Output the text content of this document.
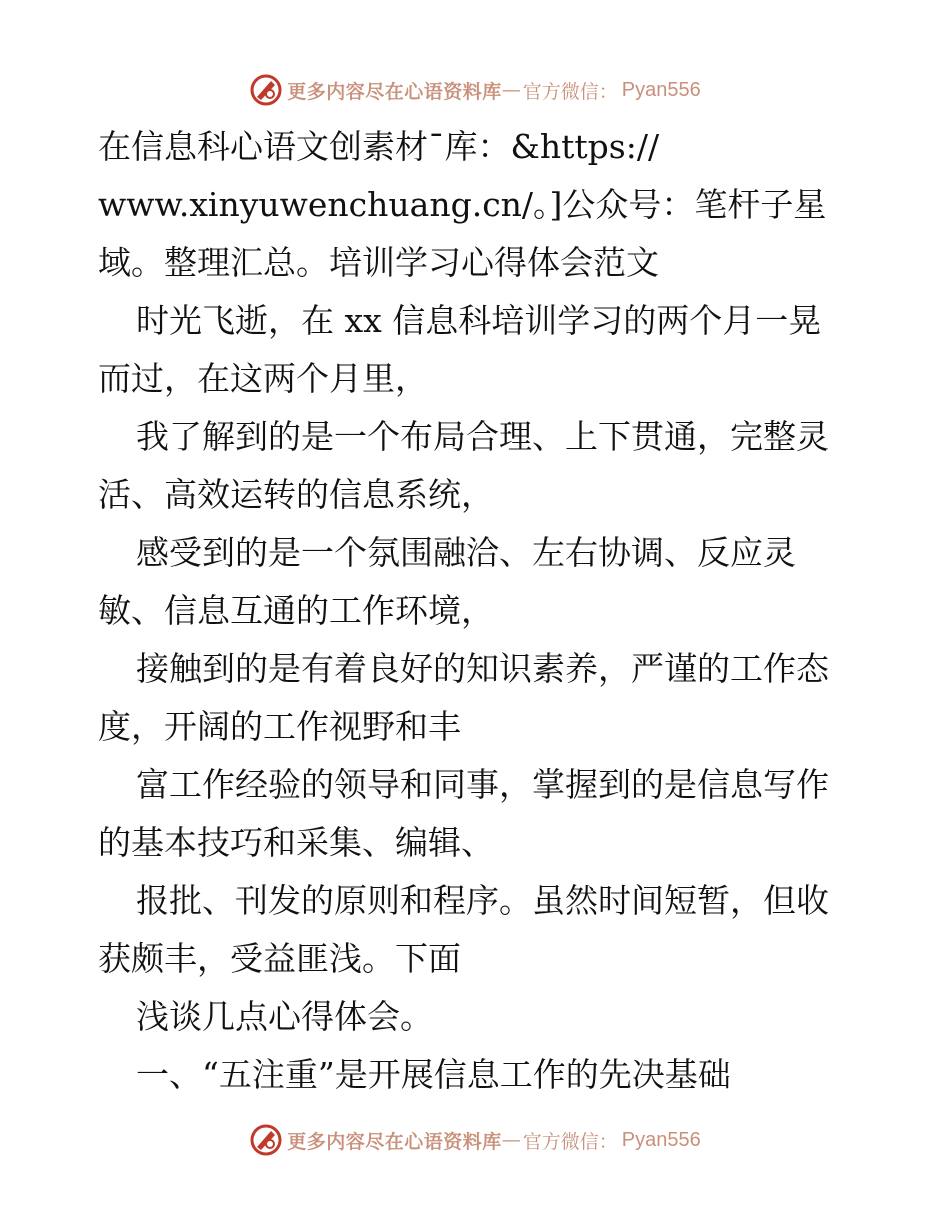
更多内容尽在心语资料库 — 官方微信 ： Pyan556
在信息科心语文创素材¯库：&https://
www.xinyuwenchuang.cn/。]公众号：笔杆子星
域。整理汇总。培训学习心得体会范文
时光飞逝，在 xx 信息科培训学习的两个月一晃
而过，在这两个月里，
我了解到的是一个布局合理、上下贯通，完整灵
活、高效运转的信息系统，
感受到的是一个氛围融洽、左右协调、反应灵
敏、信息互通的工作环境，
接触到的是有着良好的知识素养，严谨的工作态
度，开阔的工作视野和丰
富工作经验的领导和同事，掌握到的是信息写作
的基本技巧和采集、编辑、
报批、刊发的原则和程序。虽然时间短暂，但收
获颇丰，受益匪浅。下面
浅谈几点心得体会。
一、“五注重”是开展信息工作的先决基础
更多内容尽在心语资料库 — 官方微信 ： Pyan556
